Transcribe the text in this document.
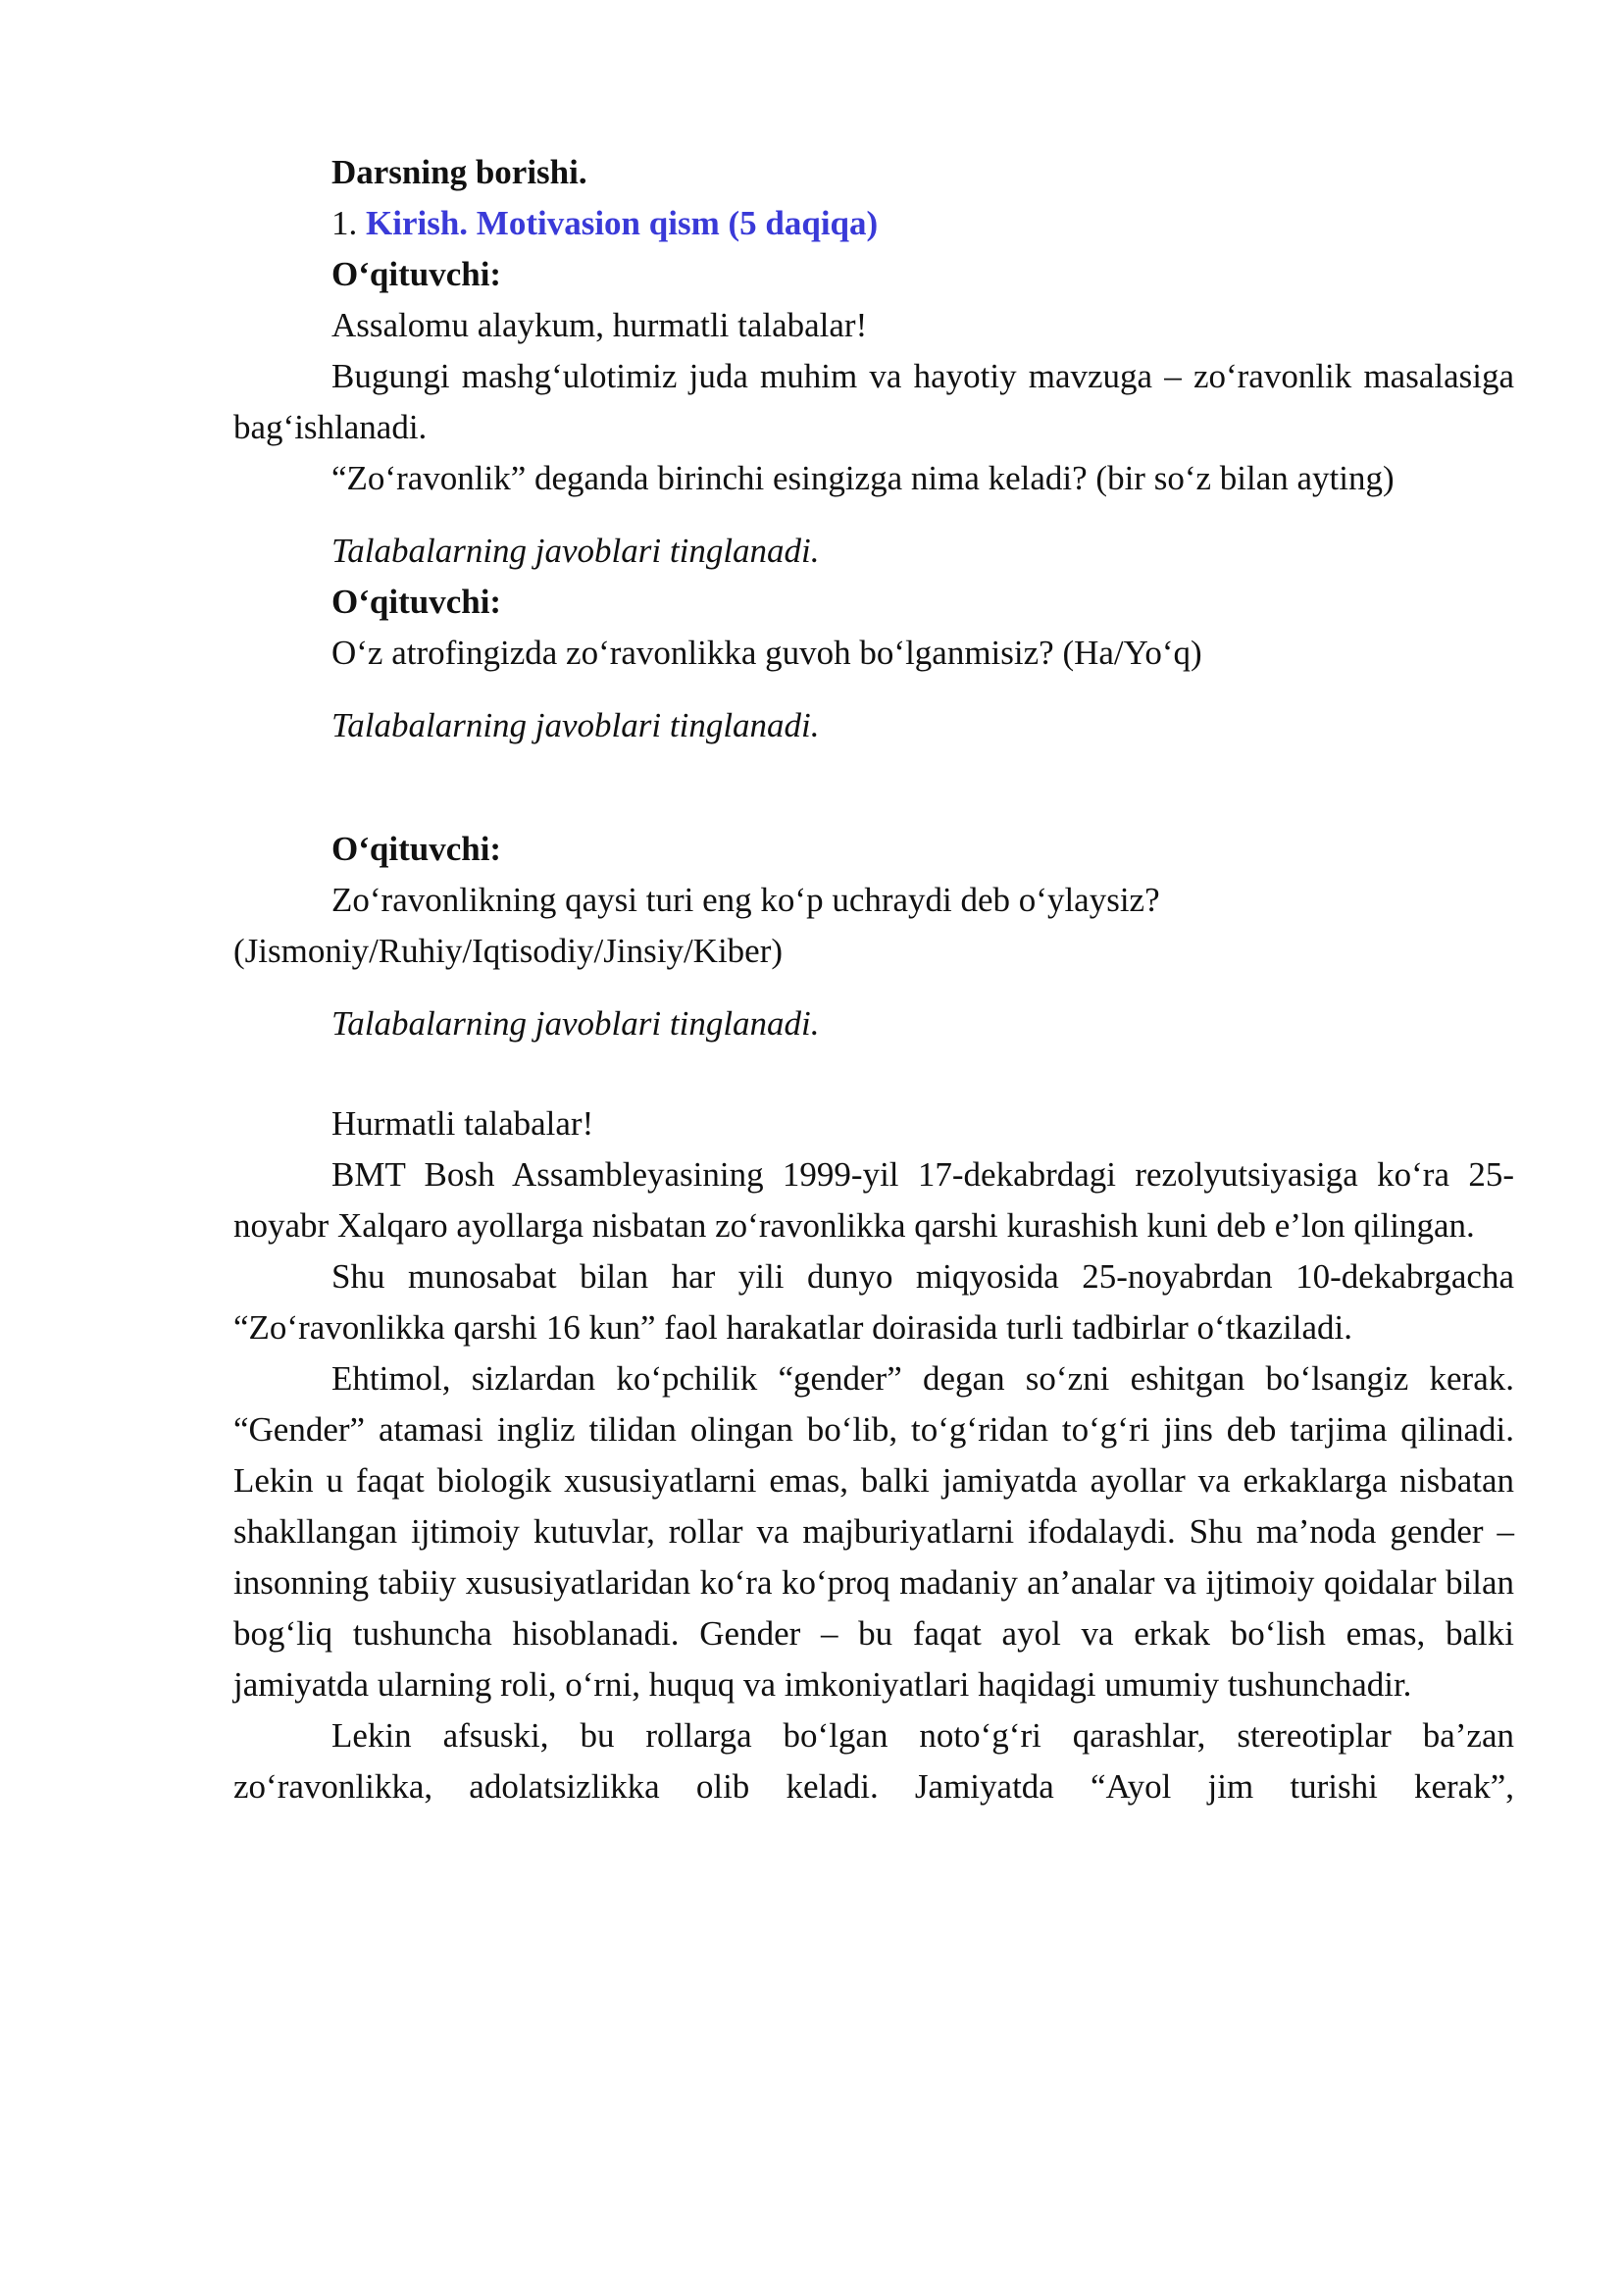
Darsning borishi.

1. Kirish. Motivasion qism (5 daqiqa)

O‘qituvchi:

Assalomu alaykum, hurmatli talabalar!

Bugungi mashg‘ulotimiz juda muhim va hayotiy mavzuga – zo‘ravonlik masalasiga bag‘ishlanadi.

“Zo‘ravonlik” deganda birinchi esingizga nima keladi? (bir so‘z bilan ayting)

Talabalarning javoblari tinglanadi.

O‘qituvchi:

O‘z atrofingizda zo‘ravonlikka guvoh bo‘lganmisiz? (Ha/Yo‘q)

Talabalarning javoblari tinglanadi.

O‘qituvchi:

Zo‘ravonlikning qaysi turi eng ko‘p uchraydi deb o‘ylaysiz? (Jismoniy/Ruhiy/Iqtisodiy/Jinsiy/Kiber)

Talabalarning javoblari tinglanadi.

Hurmatli talabalar!

BMT Bosh Assambleyasining 1999-yil 17-dekabrdagi rezolyutsiyasiga ko‘ra 25-noyabr Xalqaro ayollarga nisbatan zo‘ravonlikka qarshi kurashish kuni deb e’lon qilingan.

Shu munosabat bilan har yili dunyo miqyosida 25-noyabrdan 10-dekabrgacha “Zo‘ravonlikka qarshi 16 kun” faol harakatlar doirasida turli tadbirlar o‘tkaziladi.

Ehtimol, sizlardan ko‘pchilik “gender” degan so‘zni eshitgan bo‘lsangiz kerak. “Gender” atamasi ingliz tilidan olingan bo‘lib, to‘g‘ridan to‘g‘ri jins deb tarjima qilinadi. Lekin u faqat biologik xususiyatlarni emas, balki jamiyatda ayollar va erkaklarga nisbatan shakllangan ijtimoiy kutuvlar, rollar va majburiyatlarni ifodalaydi. Shu ma’noda gender – insonning tabiiy xususiyatlaridan ko‘ra ko‘proq madaniy an’analar va ijtimoiy qoidalar bilan bog‘liq tushuncha hisoblanadi. Gender – bu faqat ayol va erkak bo‘lish emas, balki jamiyatda ularning roli, o‘rni, huquq va imkoniyatlari haqidagi umumiy tushunchadir.

Lekin afsuski, bu rollarga bo‘lgan noto‘g‘ri qarashlar, stereotiplar ba’zan zo‘ravonlikka, adolatsizlikka olib keladi. Jamiyatda “Ayol jim turishi kerak”,
